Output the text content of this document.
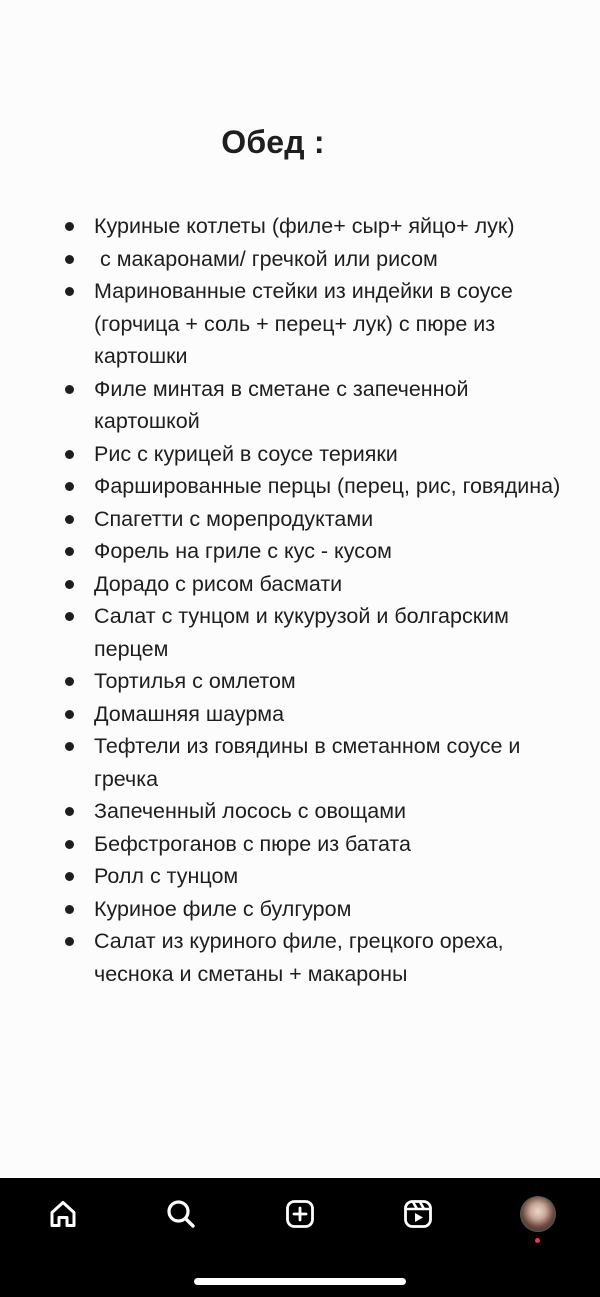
Обед :
Куриные котлеты (филе+ сыр+ яйцо+ лук)
с макаронами/ гречкой или рисом
Маринованные стейки из индейки в соусе (горчица + соль + перец+ лук) с пюре из картошки
Филе минтая в сметане с запеченной картошкой
Рис с курицей в соусе терияки
Фаршированные перцы (перец, рис, говядина)
Спагетти с морепродуктами
Форель на гриле с кус - кусом
Дорадо с рисом басмати
Салат с тунцом и кукурузой и болгарским перцем
Тортилья с омлетом
Домашняя шаурма
Тефтели из говядины в сметанном соусе и гречка
Запеченный лосось с овощами
Бефстроганов с пюре из батата
Ролл с тунцом
Куриное филе с булгуром
Салат из куриного филе, грецкого ореха, чеснока и сметаны + макароны
